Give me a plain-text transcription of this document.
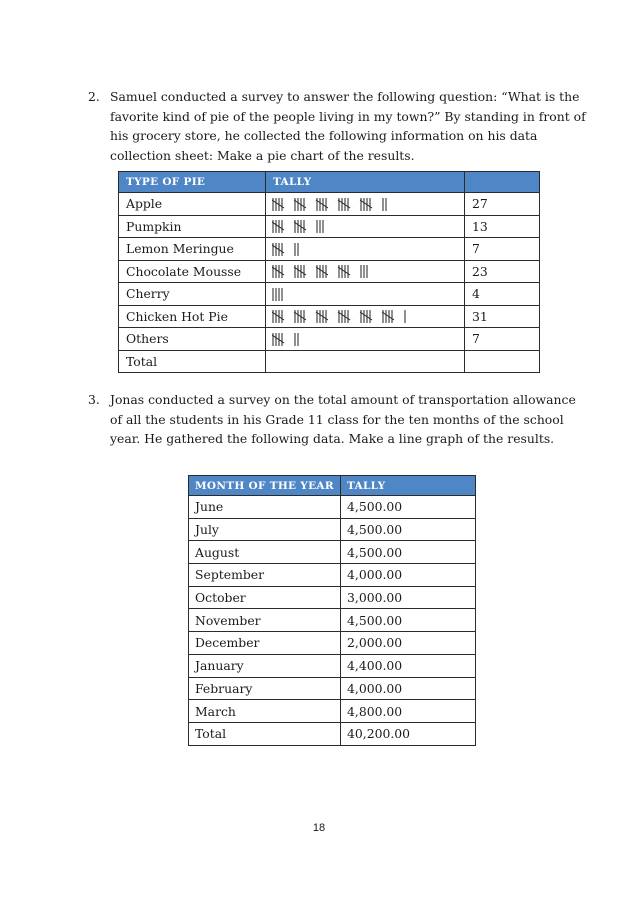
2. Samuel conducted a survey to answer the following question: “What is the favorite kind of pie of the people living in my town?” By standing in front of his grocery store, he collected the following information on his data collection sheet: Make a pie chart of the results.
TYPE OF PIE	TALLY	
Apple		27
Pumpkin		13
Lemon Meringue		7
Chocolate Mousse		23
Cherry		4
Chicken Hot Pie		31
Others		7
Total		
3. Jonas conducted a survey on the total amount of transportation allowance of all the students in his Grade 11 class for the ten months of the school year. He gathered the following data. Make a line graph of the results.
MONTH OF THE YEAR	TALLY
June	4,500.00
July	4,500.00
August	4,500.00
September	4,000.00
October	3,000.00
November	4,500.00
December	2,000.00
January	4,400.00
February	4,000.00
March	4,800.00
Total	40,200.00
18
